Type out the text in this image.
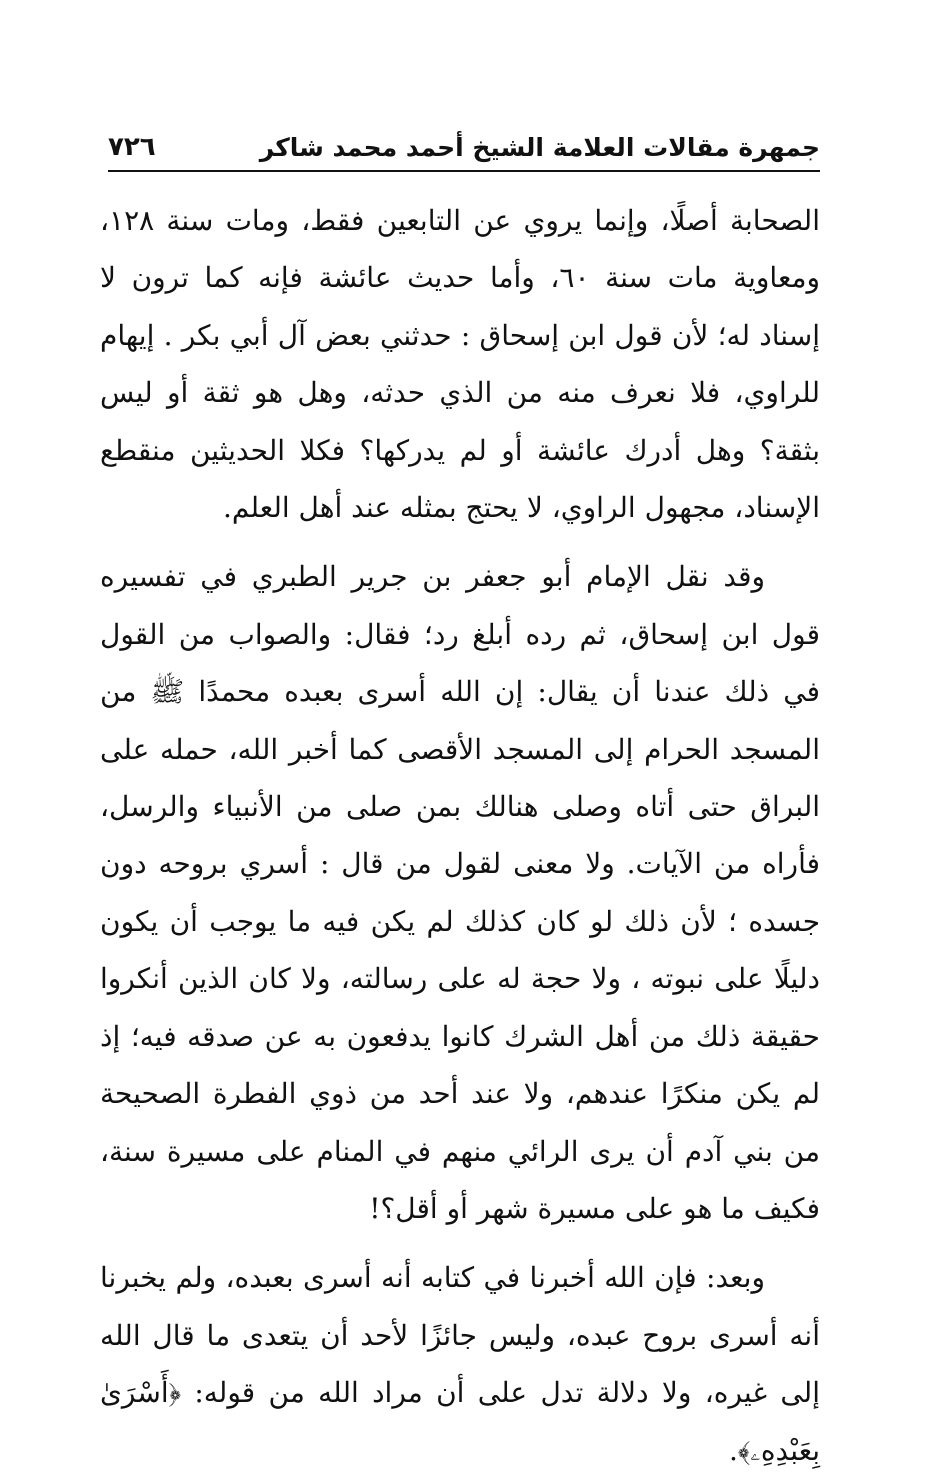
جمهرة مقالات العلامة الشيخ أحمد محمد شاكر
٧٢٦

الصحابة أصلًا، وإنما يروي عن التابعين فقط، ومات سنة ١٢٨، ومعاوية مات سنة ٦٠، وأما حديث عائشة فإنه كما ترون لا إسناد له؛ لأن قول ابن إسحاق : حدثني بعض آل أبي بكر . إيهام للراوي، فلا نعرف منه من الذي حدثه، وهل هو ثقة أو ليس بثقة؟ وهل أدرك عائشة أو لم يدركها؟ فكلا الحديثين منقطع الإسناد، مجهول الراوي، لا يحتج بمثله عند أهل العلم.

وقد نقل الإمام أبو جعفر بن جرير الطبري في تفسيره قول ابن إسحاق، ثم رده أبلغ رد؛ فقال: والصواب من القول في ذلك عندنا أن يقال: إن الله أسرى بعبده محمدًا ﷺ من المسجد الحرام إلى المسجد الأقصى كما أخبر الله، حمله على البراق حتى أتاه وصلى هنالك بمن صلى من الأنبياء والرسل، فأراه من الآيات. ولا معنى لقول من قال : أسري بروحه دون جسده ؛ لأن ذلك لو كان كذلك لم يكن فيه ما يوجب أن يكون دليلًا على نبوته ، ولا حجة له على رسالته، ولا كان الذين أنكروا حقيقة ذلك من أهل الشرك كانوا يدفعون به عن صدقه فيه؛ إذ لم يكن منكرًا عندهم، ولا عند أحد من ذوي الفطرة الصحيحة من بني آدم أن يرى الرائي منهم في المنام على مسيرة سنة، فكيف ما هو على مسيرة شهر أو أقل؟!

وبعد: فإن الله أخبرنا في كتابه أنه أسرى بعبده، ولم يخبرنا أنه أسرى بروح عبده، وليس جائزًا لأحد أن يتعدى ما قال الله إلى غيره، ولا دلالة تدل على أن مراد الله من قوله: ﴿أَسْرَىٰ بِعَبْدِهِۦ﴾.
